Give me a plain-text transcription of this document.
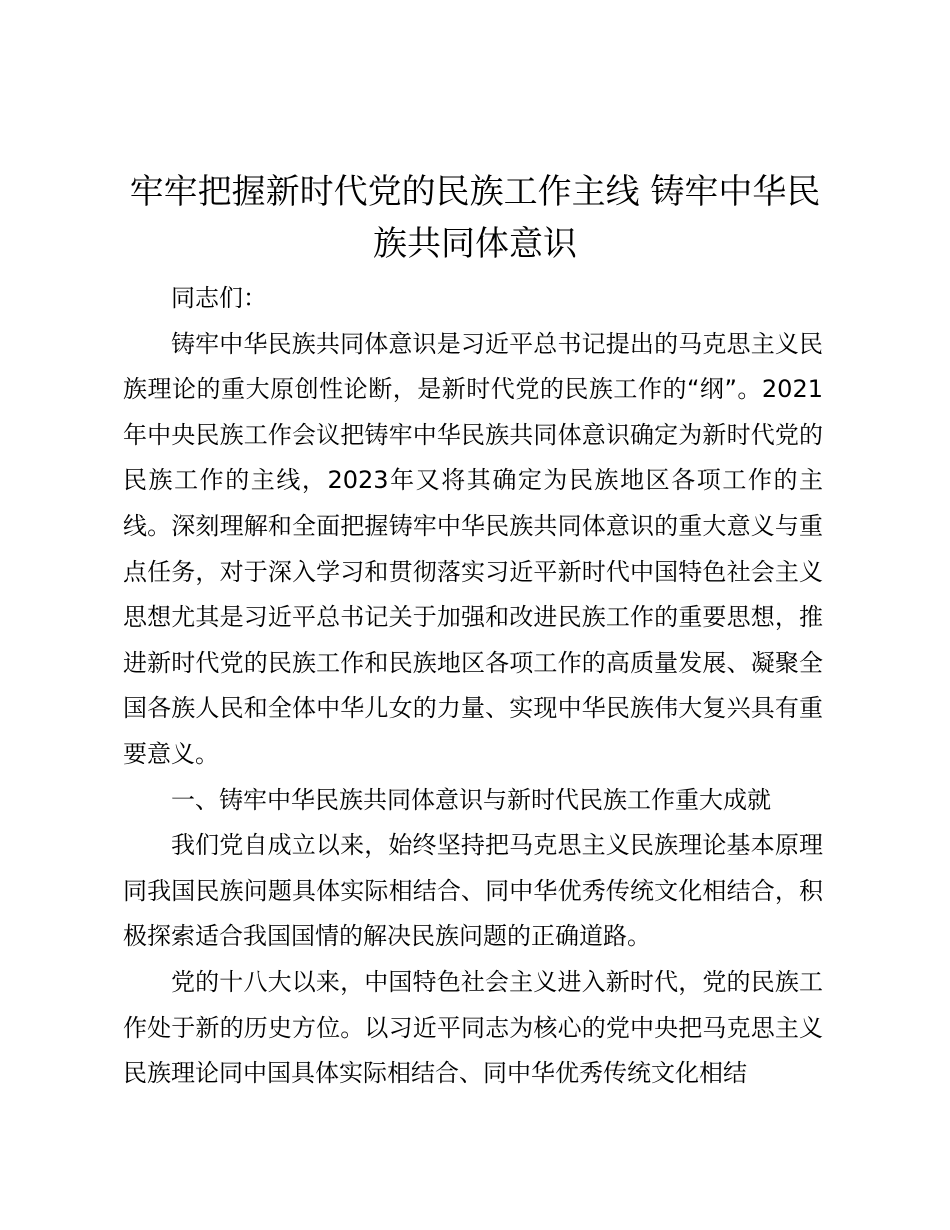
牢牢把握新时代党的民族工作主线 铸牢中华民族共同体意识

同志们：

铸牢中华民族共同体意识是习近平总书记提出的马克思主义民族理论的重大原创性论断，是新时代党的民族工作的“纲”。2021年中央民族工作会议把铸牢中华民族共同体意识确定为新时代党的民族工作的主线，2023年又将其确定为民族地区各项工作的主线。深刻理解和全面把握铸牢中华民族共同体意识的重大意义与重点任务，对于深入学习和贯彻落实习近平新时代中国特色社会主义思想尤其是习近平总书记关于加强和改进民族工作的重要思想，推进新时代党的民族工作和民族地区各项工作的高质量发展、凝聚全国各族人民和全体中华儿女的力量、实现中华民族伟大复兴具有重要意义。

一、铸牢中华民族共同体意识与新时代民族工作重大成就

我们党自成立以来，始终坚持把马克思主义民族理论基本原理同我国民族问题具体实际相结合、同中华优秀传统文化相结合，积极探索适合我国国情的解决民族问题的正确道路。

党的十八大以来，中国特色社会主义进入新时代，党的民族工作处于新的历史方位。以习近平同志为核心的党中央把马克思主义民族理论同中国具体实际相结合、同中华优秀传统文化相结
